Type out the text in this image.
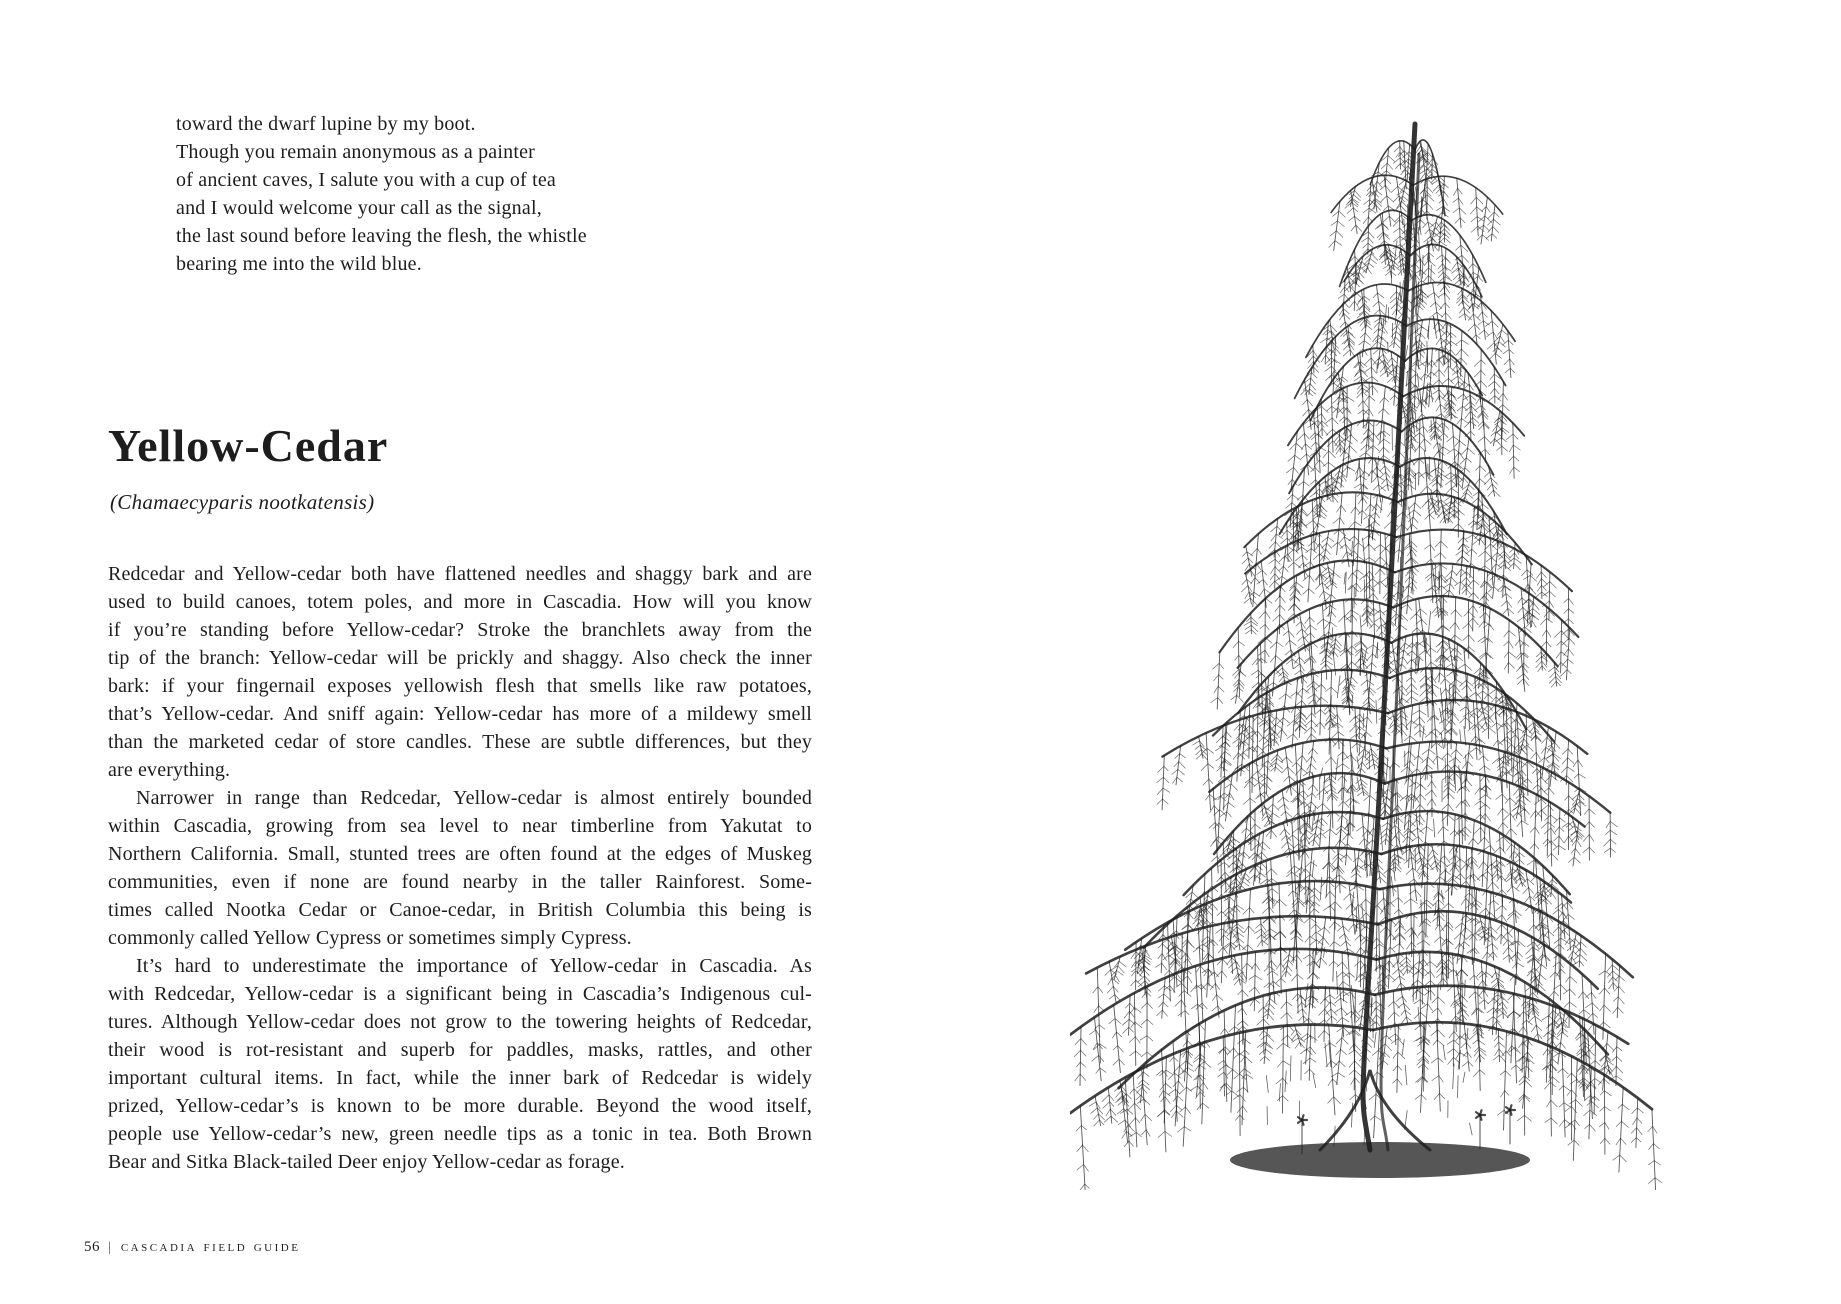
toward the dwarf lupine by my boot.
Though you remain anonymous as a painter
of ancient caves, I salute you with a cup of tea
and I would welcome your call as the signal,
the last sound before leaving the flesh, the whistle
bearing me into the wild blue.
Yellow-Cedar

(Chamaecyparis nootkatensis)

Redcedar and Yellow-cedar both have flattened needles and shaggy bark and are
used to build canoes, totem poles, and more in Cascadia. How will you know
if you’re standing before Yellow-cedar? Stroke the branchlets away from the
tip of the branch: Yellow-cedar will be prickly and shaggy. Also check the inner
bark: if your fingernail exposes yellowish flesh that smells like raw potatoes,
that’s Yellow-cedar. And sniff again: Yellow-cedar has more of a mildewy smell
than the marketed cedar of store candles. These are subtle differences, but they
are everything.
Narrower in range than Redcedar, Yellow-cedar is almost entirely bounded
within Cascadia, growing from sea level to near timberline from Yakutat to
Northern California. Small, stunted trees are often found at the edges of Muskeg
communities, even if none are found nearby in the taller Rainforest. Some-
times called Nootka Cedar or Canoe-cedar, in British Columbia this being is
commonly called Yellow Cypress or sometimes simply Cypress.
It’s hard to underestimate the importance of Yellow-cedar in Cascadia. As
with Redcedar, Yellow-cedar is a significant being in Cascadia’s Indigenous cul-
tures. Although Yellow-cedar does not grow to the towering heights of Redcedar,
their wood is rot-resistant and superb for paddles, masks, rattles, and other
important cultural items. In fact, while the inner bark of Redcedar is widely
prized, Yellow-cedar’s is known to be more durable. Beyond the wood itself,
people use Yellow-cedar’s new, green needle tips as a tonic in tea. Both Brown
Bear and Sitka Black-tailed Deer enjoy Yellow-cedar as forage.
56 | cascadia field guide
